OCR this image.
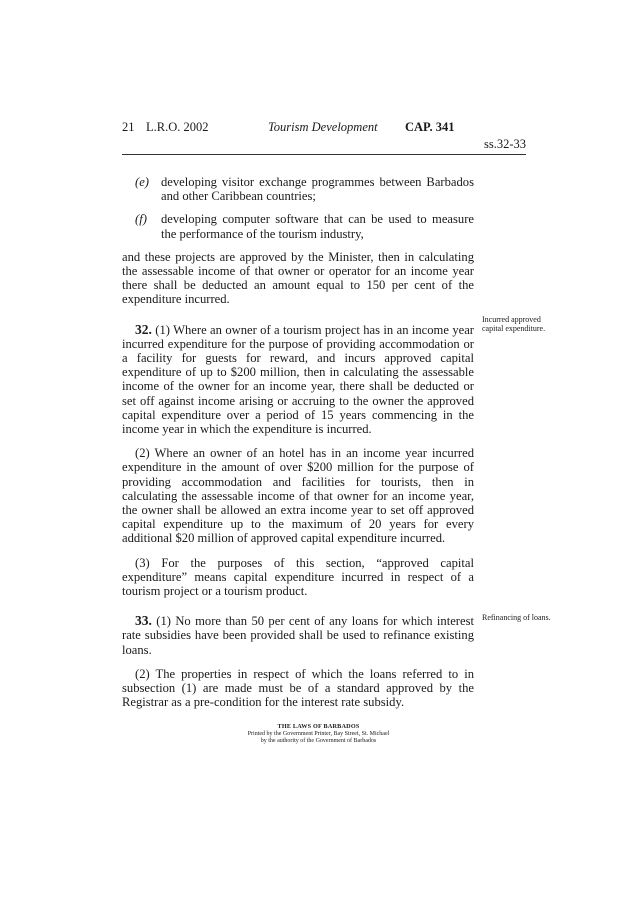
21 L.R.O. 2002	Tourism Development CAP. 341
ss.32-33
(e) developing visitor exchange programmes between Barbados and other Caribbean countries;
(f) developing computer software that can be used to measure the performance of the tourism industry,

and these projects are approved by the Minister, then in calculating the assessable income of that owner or operator for an income year there shall be deducted an amount equal to 150 per cent of the expenditure incurred.

32. (1) Where an owner of a tourism project has in an income year incurred expenditure for the purpose of providing accommodation or a facility for guests for reward, and incurs approved capital expenditure of up to $200 million, then in calculating the assessable income of the owner for an income year, there shall be deducted or set off against income arising or accruing to the owner the approved capital expenditure over a period of 15 years commencing in the income year in which the expenditure is incurred.

(2) Where an owner of an hotel has in an income year incurred expenditure in the amount of over $200 million for the purpose of providing accommodation and facilities for tourists, then in calculating the assessable income of that owner for an income year, the owner shall be allowed an extra income year to set off approved capital expenditure up to the maximum of 20 years for every additional $20 million of approved capital expenditure incurred.

(3) For the purposes of this section, “approved capital expenditure” means capital expenditure incurred in respect of a tourism project or a tourism product.

33. (1) No more than 50 per cent of any loans for which interest rate subsidies have been provided shall be used to refinance existing loans.

(2) The properties in respect of which the loans referred to in subsection (1) are made must be of a standard approved by the Registrar as a pre-condition for the interest rate subsidy.

Incurred approved capital expenditure.
Refinancing of loans.
THE LAWS OF BARBADOS
Printed by the Government Printer, Bay Street, St. Michael
by the authority of the Government of Barbados
